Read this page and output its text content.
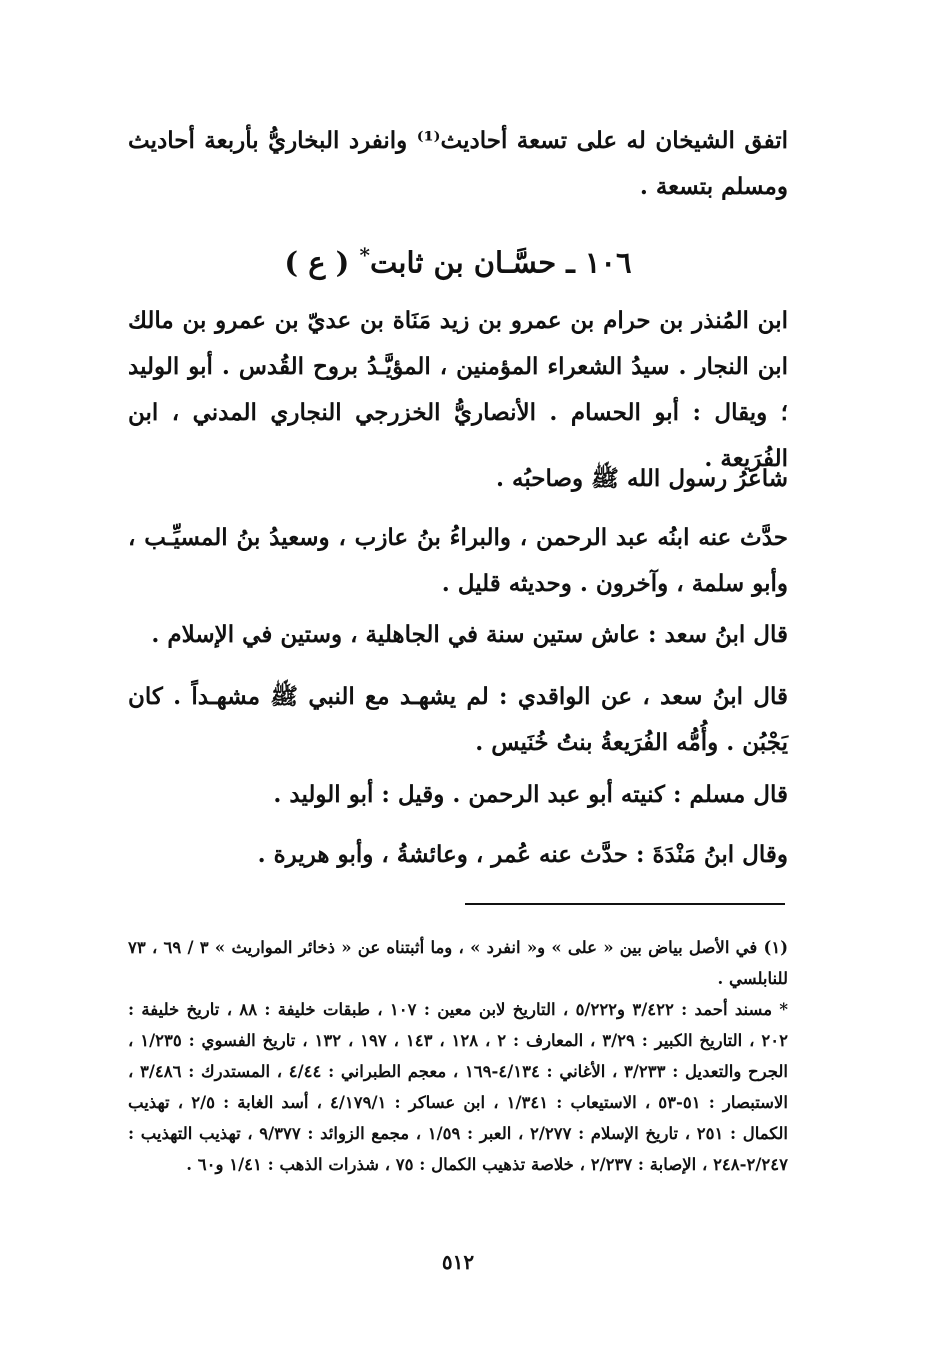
اتفق الشيخان له على تسعة أحاديث⁽¹⁾ وانفرد البخاريُّ بأربعة أحاديث ومسلم بتسعة .

١٠٦ ـ حسَّـان بن ثابت* ( ع )

ابن المُنذر بن حرام بن عمرو بن زيد مَنَاة بن عديّ بن عمرو بن مالك ابن النجار . سيدُ الشعراء المؤمنين ، المؤيَّـدُ بروح القُدس . أبو الوليد ؛ ويقال : أبو الحسام . الأنصاريُّ الخزرجي النجاري المدني ، ابن الفُرَيعة .

شاعرُ رسول الله ﷺ وصاحبُه .

حدَّث عنه ابنُه عبد الرحمن ، والبراءُ بنُ عازب ، وسعيدُ بنُ المسيِّـب ، وأبو سلمة ، وآخرون . وحديثه قليل .

قال ابنُ سعد : عاش ستين سنة في الجاهلية ، وستين في الإسلام .

قال ابنُ سعد ، عن الواقدي : لم يشهـد مع النبي ﷺ مشهـداً . كان يَجْبُن . وأُمُّه الفُرَيعةُ بنتُ خُنَيس .

قال مسلم : كنيته أبو عبد الرحمن . وقيل : أبو الوليد .

وقال ابنُ مَنْدَةَ : حدَّث عنه عُمر ، وعائشةُ ، وأبو هريرة .

(١) في الأصل بياض بين « على » و« انفرد » ، وما أثبتناه عن « ذخائر المواريث » ٣ / ٦٩ ، ٧٣ للنابلسي .

* مسند أحمد : ٣/٤٢٢ و٥/٢٢٢ ، التاريخ لابن معين : ١٠٧ ، طبقات خليفة : ٨٨ ، تاريخ خليفة : ٢٠٢ ، التاريخ الكبير : ٣/٢٩ ، المعارف : ٢ ، ١٢٨ ، ١٤٣ ، ١٩٧ ، ١٣٢ ، تاريخ الفسوي : ١/٢٣٥ ، الجرح والتعديل : ٣/٢٣٣ ، الأغاني : ٤/١٣٤-١٦٩ ، معجم الطبراني : ٤/٤٤ ، المستدرك : ٣/٤٨٦ ، الاستبصار : ٥١-٥٣ ، الاستيعاب : ١/٣٤١ ، ابن عساكر : ٤/١٧٩/١ ، أسد الغابة : ٢/٥ ، تهذيب الكمال : ٢٥١ ، تاريخ الإسلام : ٢/٢٧٧ ، العبر : ١/٥٩ ، مجمع الزوائد : ٩/٣٧٧ ، تهذيب التهذيب : ٢/٢٤٧-٢٤٨ ، الإصابة : ٢/٢٣٧ ، خلاصة تذهيب الكمال : ٧٥ ، شذرات الذهب : ١/٤١ و٦٠ .

٥١٢
